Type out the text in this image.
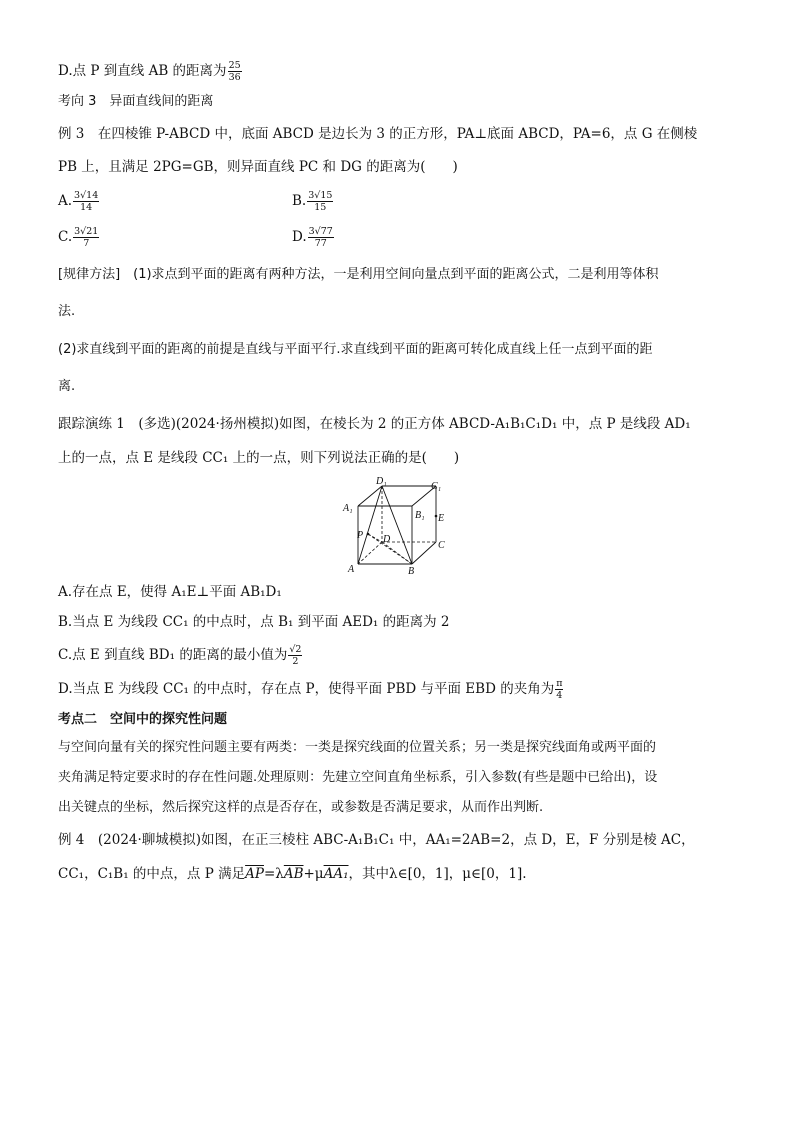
D.点 P 到直线 AB 的距离为 $\frac{25}{36}$
考向 3　异面直线间的距离
例 3　在四棱锥 P-ABCD 中，底面 ABCD 是边长为 3 的正方形，PA⊥底面 ABCD，PA=6，点 G 在侧棱
PB 上，且满足 2PG=GB，则异面直线 PC 和 DG 的距离为(　　)
A. $\frac{3√14}{14}$	B. $\frac{3√15}{15}$
C. $\frac{3√21}{7}$	D. $\frac{3√77}{77}$
[规律方法]　(1)求点到平面的距离有两种方法，一是利用空间向量点到平面的距离公式，二是利用等体积
法.
(2)求直线到平面的距离的前提是直线与平面平行.求直线到平面的距离可转化成直线上任一点到平面的距
离.
跟踪演练 1　(多选)(2024·扬州模拟)如图，在棱长为 2 的正方体 ABCD-A₁B₁C₁D₁ 中，点 P 是线段 AD₁
上的一点，点 E 是线段 CC₁ 上的一点，则下列说法正确的是(　　)
D₁	C₁
A₁
B₁ E
P D
C
A	B
A.存在点 E，使得 A₁E⊥平面 AB₁D₁
B.当点 E 为线段 CC₁ 的中点时，点 B₁ 到平面 AED₁ 的距离为 2
C.点 E 到直线 BD₁ 的距离的最小值为 $\frac{√2}{2}$
D.当点 E 为线段 CC₁ 的中点时，存在点 P，使得平面 PBD 与平面 EBD 的夹角为 $\frac{\pi}{4}$
考点二　空间中的探究性问题
与空间向量有关的探究性问题主要有两类：一类是探究线面的位置关系；另一类是探究线面角或两平面的
夹角满足特定要求时的存在性问题.处理原则：先建立空间直角坐标系，引入参数(有些是题中已给出)，设
出关键点的坐标，然后探究这样的点是否存在，或参数是否满足要求，从而作出判断.
例 4　(2024·聊城模拟)如图，在正三棱柱 ABC-A₁B₁C₁ 中，AA₁=2AB=2，点 D，E，F 分别是棱 AC，
CC₁，C₁B₁ 的中点，点 P 满足$\overline{AP}=\lambda\overline{AB}+\mu AA_1$，其中λ∈[0，1]，μ∈[0，1].
